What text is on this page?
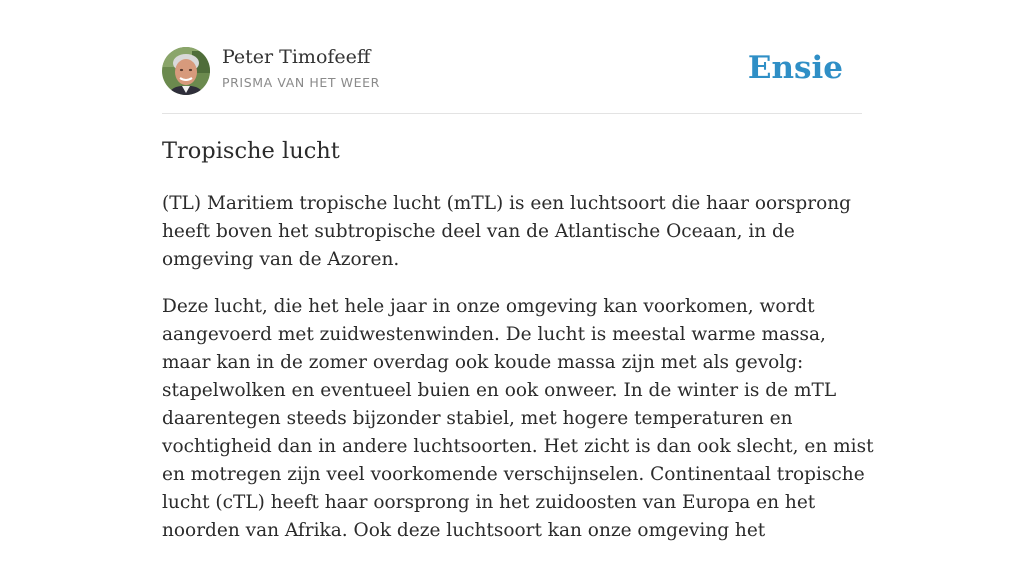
Peter Timofeeff
PRISMA VAN HET WEER	Ensie
Tropische lucht

(TL) Maritiem tropische lucht (mTL) is een luchtsoort die haar oorsprong heeft boven het subtropische deel van de Atlantische Oceaan, in de omgeving van de Azoren.

Deze lucht, die het hele jaar in onze omgeving kan voorkomen, wordt aangevoerd met zuidwestenwinden. De lucht is meestal warme massa, maar kan in de zomer overdag ook koude massa zijn met als gevolg: stapelwolken en eventueel buien en ook onweer. In de winter is de mTL daarentegen steeds bijzonder stabiel, met hogere temperaturen en vochtigheid dan in andere luchtsoorten. Het zicht is dan ook slecht, en mist en motregen zijn veel voorkomende verschijnselen. Continentaal tropische lucht (cTL) heeft haar oorsprong in het zuidoosten van Europa en het noorden van Afrika. Ook deze luchtsoort kan onze omgeving het
